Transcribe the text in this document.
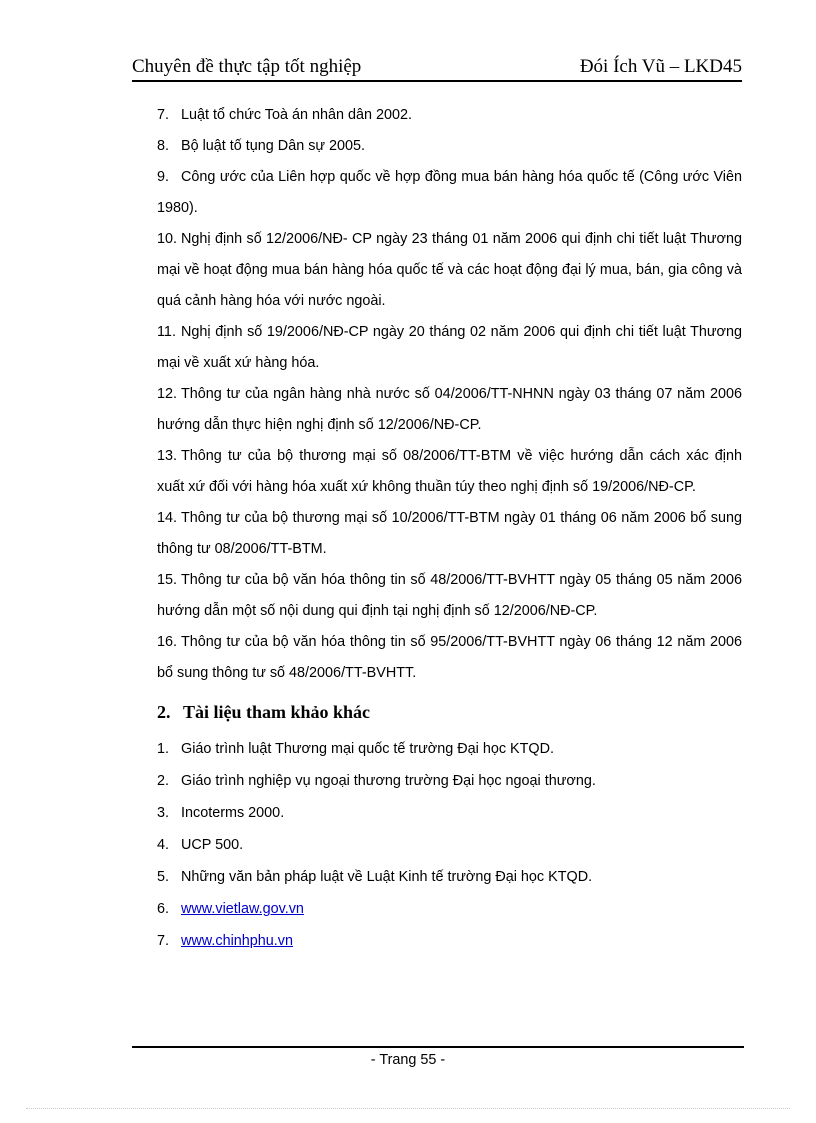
Chuyên đề thực tập tốt nghiệp	Đói Ích Vũ – LKD45
7. Luật tổ chức Toà án nhân dân 2002.
8. Bộ luật tố tụng Dân sự 2005.
9. Công ước của Liên hợp quốc về hợp đồng mua bán hàng hóa quốc tế (Công ước Viên 1980).
10. Nghị định số 12/2006/NĐ- CP ngày 23 tháng 01 năm 2006 qui định chi tiết luật Thương mại về hoạt động mua bán hàng hóa quốc tế và các hoạt động đại lý mua, bán, gia công và quá cảnh hàng hóa với nước ngoài.
11. Nghị định số 19/2006/NĐ-CP ngày 20 tháng 02 năm 2006 qui định chi tiết luật Thương mại về xuất xứ hàng hóa.
12. Thông tư của ngân hàng nhà nước số 04/2006/TT-NHNN ngày 03 tháng 07 năm 2006 hướng dẫn thực hiện nghị định số 12/2006/NĐ-CP.
13. Thông tư của bộ thương mại số 08/2006/TT-BTM về việc hướng dẫn cách xác định xuất xứ đối với hàng hóa xuất xứ không thuần túy theo nghị định số 19/2006/NĐ-CP.
14. Thông tư của bộ thương mại số 10/2006/TT-BTM ngày 01 tháng 06 năm 2006 bổ sung thông tư 08/2006/TT-BTM.
15. Thông tư của bộ văn hóa thông tin số 48/2006/TT-BVHTT ngày 05 tháng 05 năm 2006 hướng dẫn một số nội dung qui định tại nghị định số 12/2006/NĐ-CP.
16. Thông tư của bộ văn hóa thông tin số 95/2006/TT-BVHTT ngày 06 tháng 12 năm 2006 bổ sung thông tư số 48/2006/TT-BVHTT.
2. Tài liệu tham khảo khác
1. Giáo trình luật Thương mại quốc tế trường Đại học KTQD.
2. Giáo trình nghiệp vụ ngoại thương trường Đại học ngoại thương.
3. Incoterms 2000.
4. UCP 500.
5. Những văn bản pháp luật về Luật Kinh tế trường Đại học KTQD.
6. www.vietlaw.gov.vn
7. www.chinhphu.vn
- Trang 55 -
